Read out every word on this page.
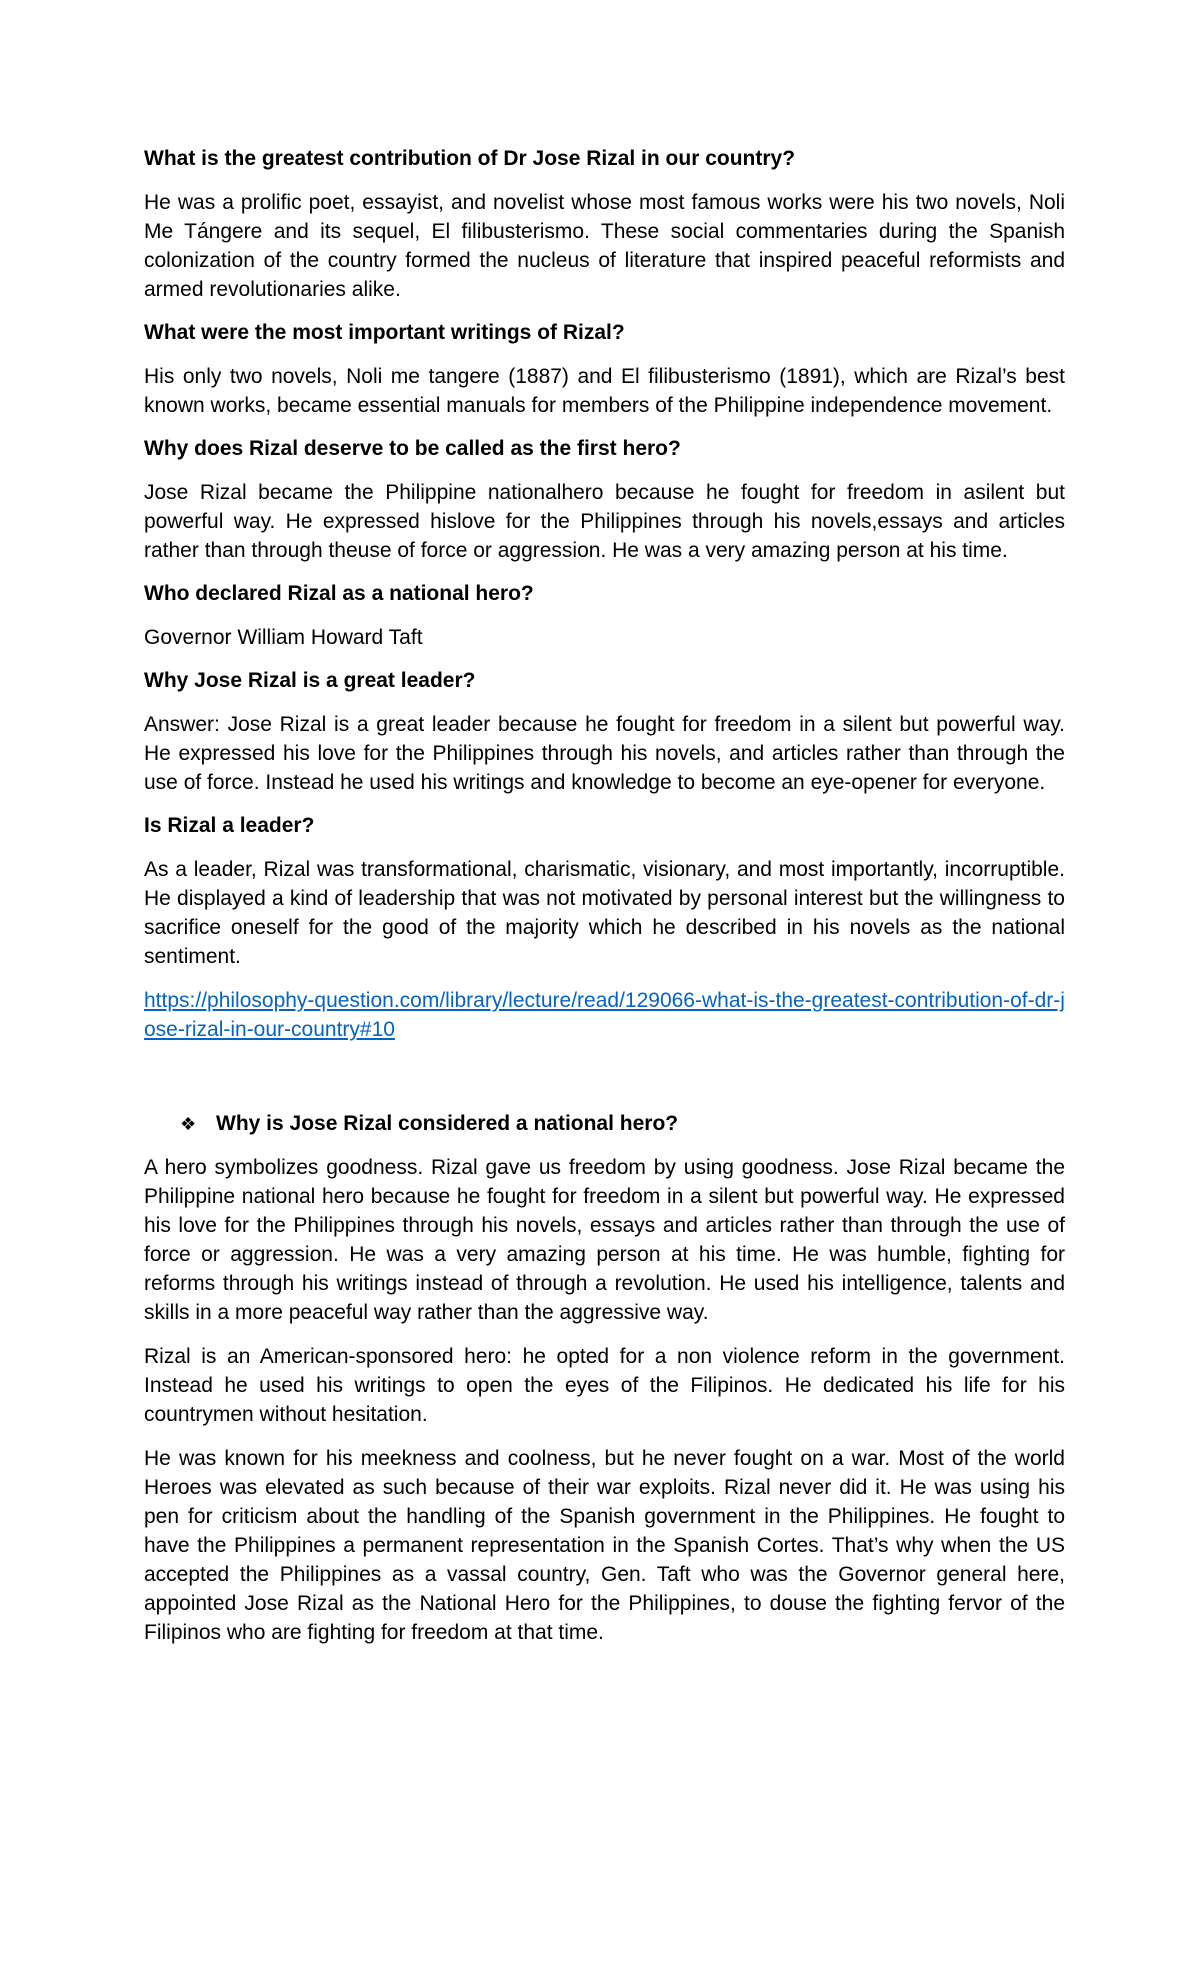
What is the greatest contribution of Dr Jose Rizal in our country?

He was a prolific poet, essayist, and novelist whose most famous works were his two novels, Noli Me Tángere and its sequel, El filibusterismo. These social commentaries during the Spanish colonization of the country formed the nucleus of literature that inspired peaceful reformists and armed revolutionaries alike.

What were the most important writings of Rizal?

His only two novels, Noli me tangere (1887) and El filibusterismo (1891), which are Rizal’s best known works, became essential manuals for members of the Philippine independence movement.

Why does Rizal deserve to be called as the first hero?

Jose Rizal became the Philippine nationalhero because he fought for freedom in asilent but powerful way. He expressed hislove for the Philippines through his novels,essays and articles rather than through theuse of force or aggression. He was a very amazing person at his time.

Who declared Rizal as a national hero?

Governor William Howard Taft

Why Jose Rizal is a great leader?

Answer: Jose Rizal is a great leader because he fought for freedom in a silent but powerful way. He expressed his love for the Philippines through his novels, and articles rather than through the use of force. Instead he used his writings and knowledge to become an eye-opener for everyone.

Is Rizal a leader?

As a leader, Rizal was transformational, charismatic, visionary, and most importantly, incorruptible. He displayed a kind of leadership that was not motivated by personal interest but the willingness to sacrifice oneself for the good of the majority which he described in his novels as the national sentiment.

https://philosophy-question.com/library/lecture/read/129066-what-is-the-greatest-contribution-of-dr-jose-rizal-in-our-country#10

❖ Why is Jose Rizal considered a national hero?

A hero symbolizes goodness. Rizal gave us freedom by using goodness. Jose Rizal became the Philippine national hero because he fought for freedom in a silent but powerful way. He expressed his love for the Philippines through his novels, essays and articles rather than through the use of force or aggression. He was a very amazing person at his time. He was humble, fighting for reforms through his writings instead of through a revolution. He used his intelligence, talents and skills in a more peaceful way rather than the aggressive way.

Rizal is an American-sponsored hero: he opted for a non violence reform in the government. Instead he used his writings to open the eyes of the Filipinos. He dedicated his life for his countrymen without hesitation.

He was known for his meekness and coolness, but he never fought on a war. Most of the world Heroes was elevated as such because of their war exploits. Rizal never did it. He was using his pen for criticism about the handling of the Spanish government in the Philippines. He fought to have the Philippines a permanent representation in the Spanish Cortes. That’s why when the US accepted the Philippines as a vassal country, Gen. Taft who was the Governor general here, appointed Jose Rizal as the National Hero for the Philippines, to douse the fighting fervor of the Filipinos who are fighting for freedom at that time.
